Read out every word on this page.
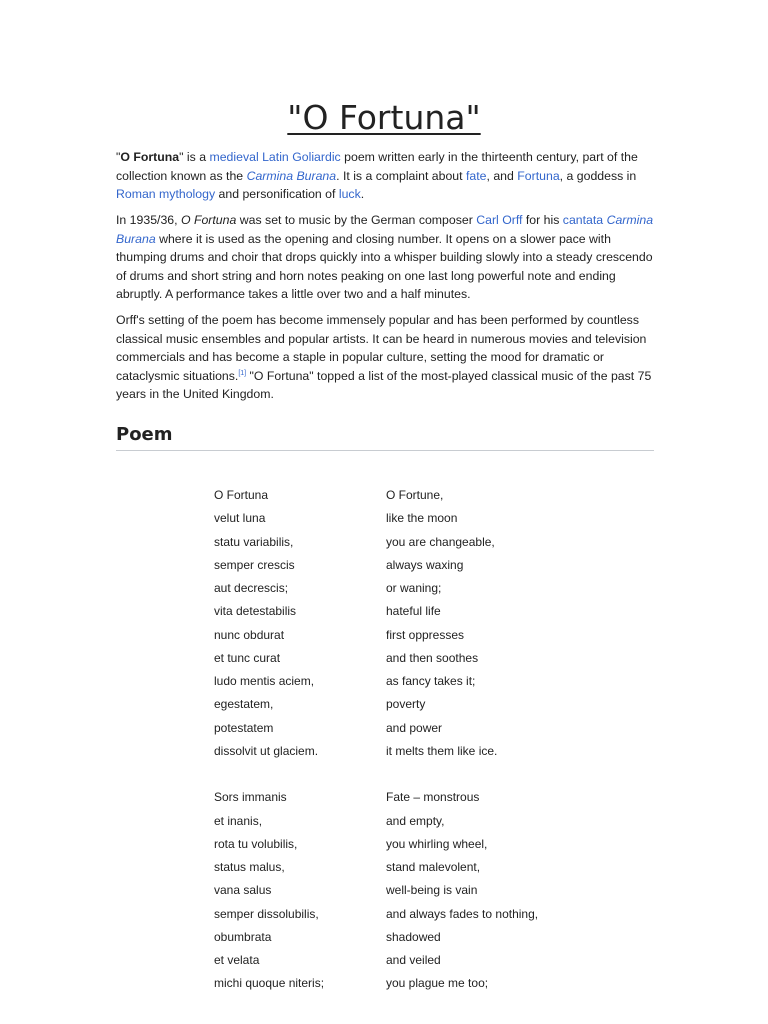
"O Fortuna"

"O Fortuna" is a medieval Latin Goliardic poem written early in the thirteenth century, part of the collection known as the Carmina Burana. It is a complaint about fate, and Fortuna, a goddess in Roman mythology and personification of luck.

In 1935/36, O Fortuna was set to music by the German composer Carl Orff for his cantata Carmina Burana where it is used as the opening and closing number. It opens on a slower pace with thumping drums and choir that drops quickly into a whisper building slowly into a steady crescendo of drums and short string and horn notes peaking on one last long powerful note and ending abruptly. A performance takes a little over two and a half minutes.

Orff's setting of the poem has become immensely popular and has been performed by countless classical music ensembles and popular artists. It can be heard in numerous movies and television commercials and has become a staple in popular culture, setting the mood for dramatic or cataclysmic situations.[1] "O Fortuna" topped a list of the most-played classical music of the past 75 years in the United Kingdom.

Poem
O Fortuna	O Fortune,
velut luna	like the moon
statu variabilis,	you are changeable,
semper crescis	always waxing
aut decrescis;	or waning;
vita detestabilis	hateful life
nunc obdurat	first oppresses
et tunc curat	and then soothes
ludo mentis aciem,	as fancy takes it;
egestatem,	poverty
potestatem	and power
dissolvit ut glaciem.	it melts them like ice.
Sors immanis	Fate – monstrous
et inanis,	and empty,
rota tu volubilis,	you whirling wheel,
status malus,	stand malevolent,
vana salus	well-being is vain
semper dissolubilis,	and always fades to nothing,
obumbrata	shadowed
et velata	and veiled
michi quoque niteris;	you plague me too;
